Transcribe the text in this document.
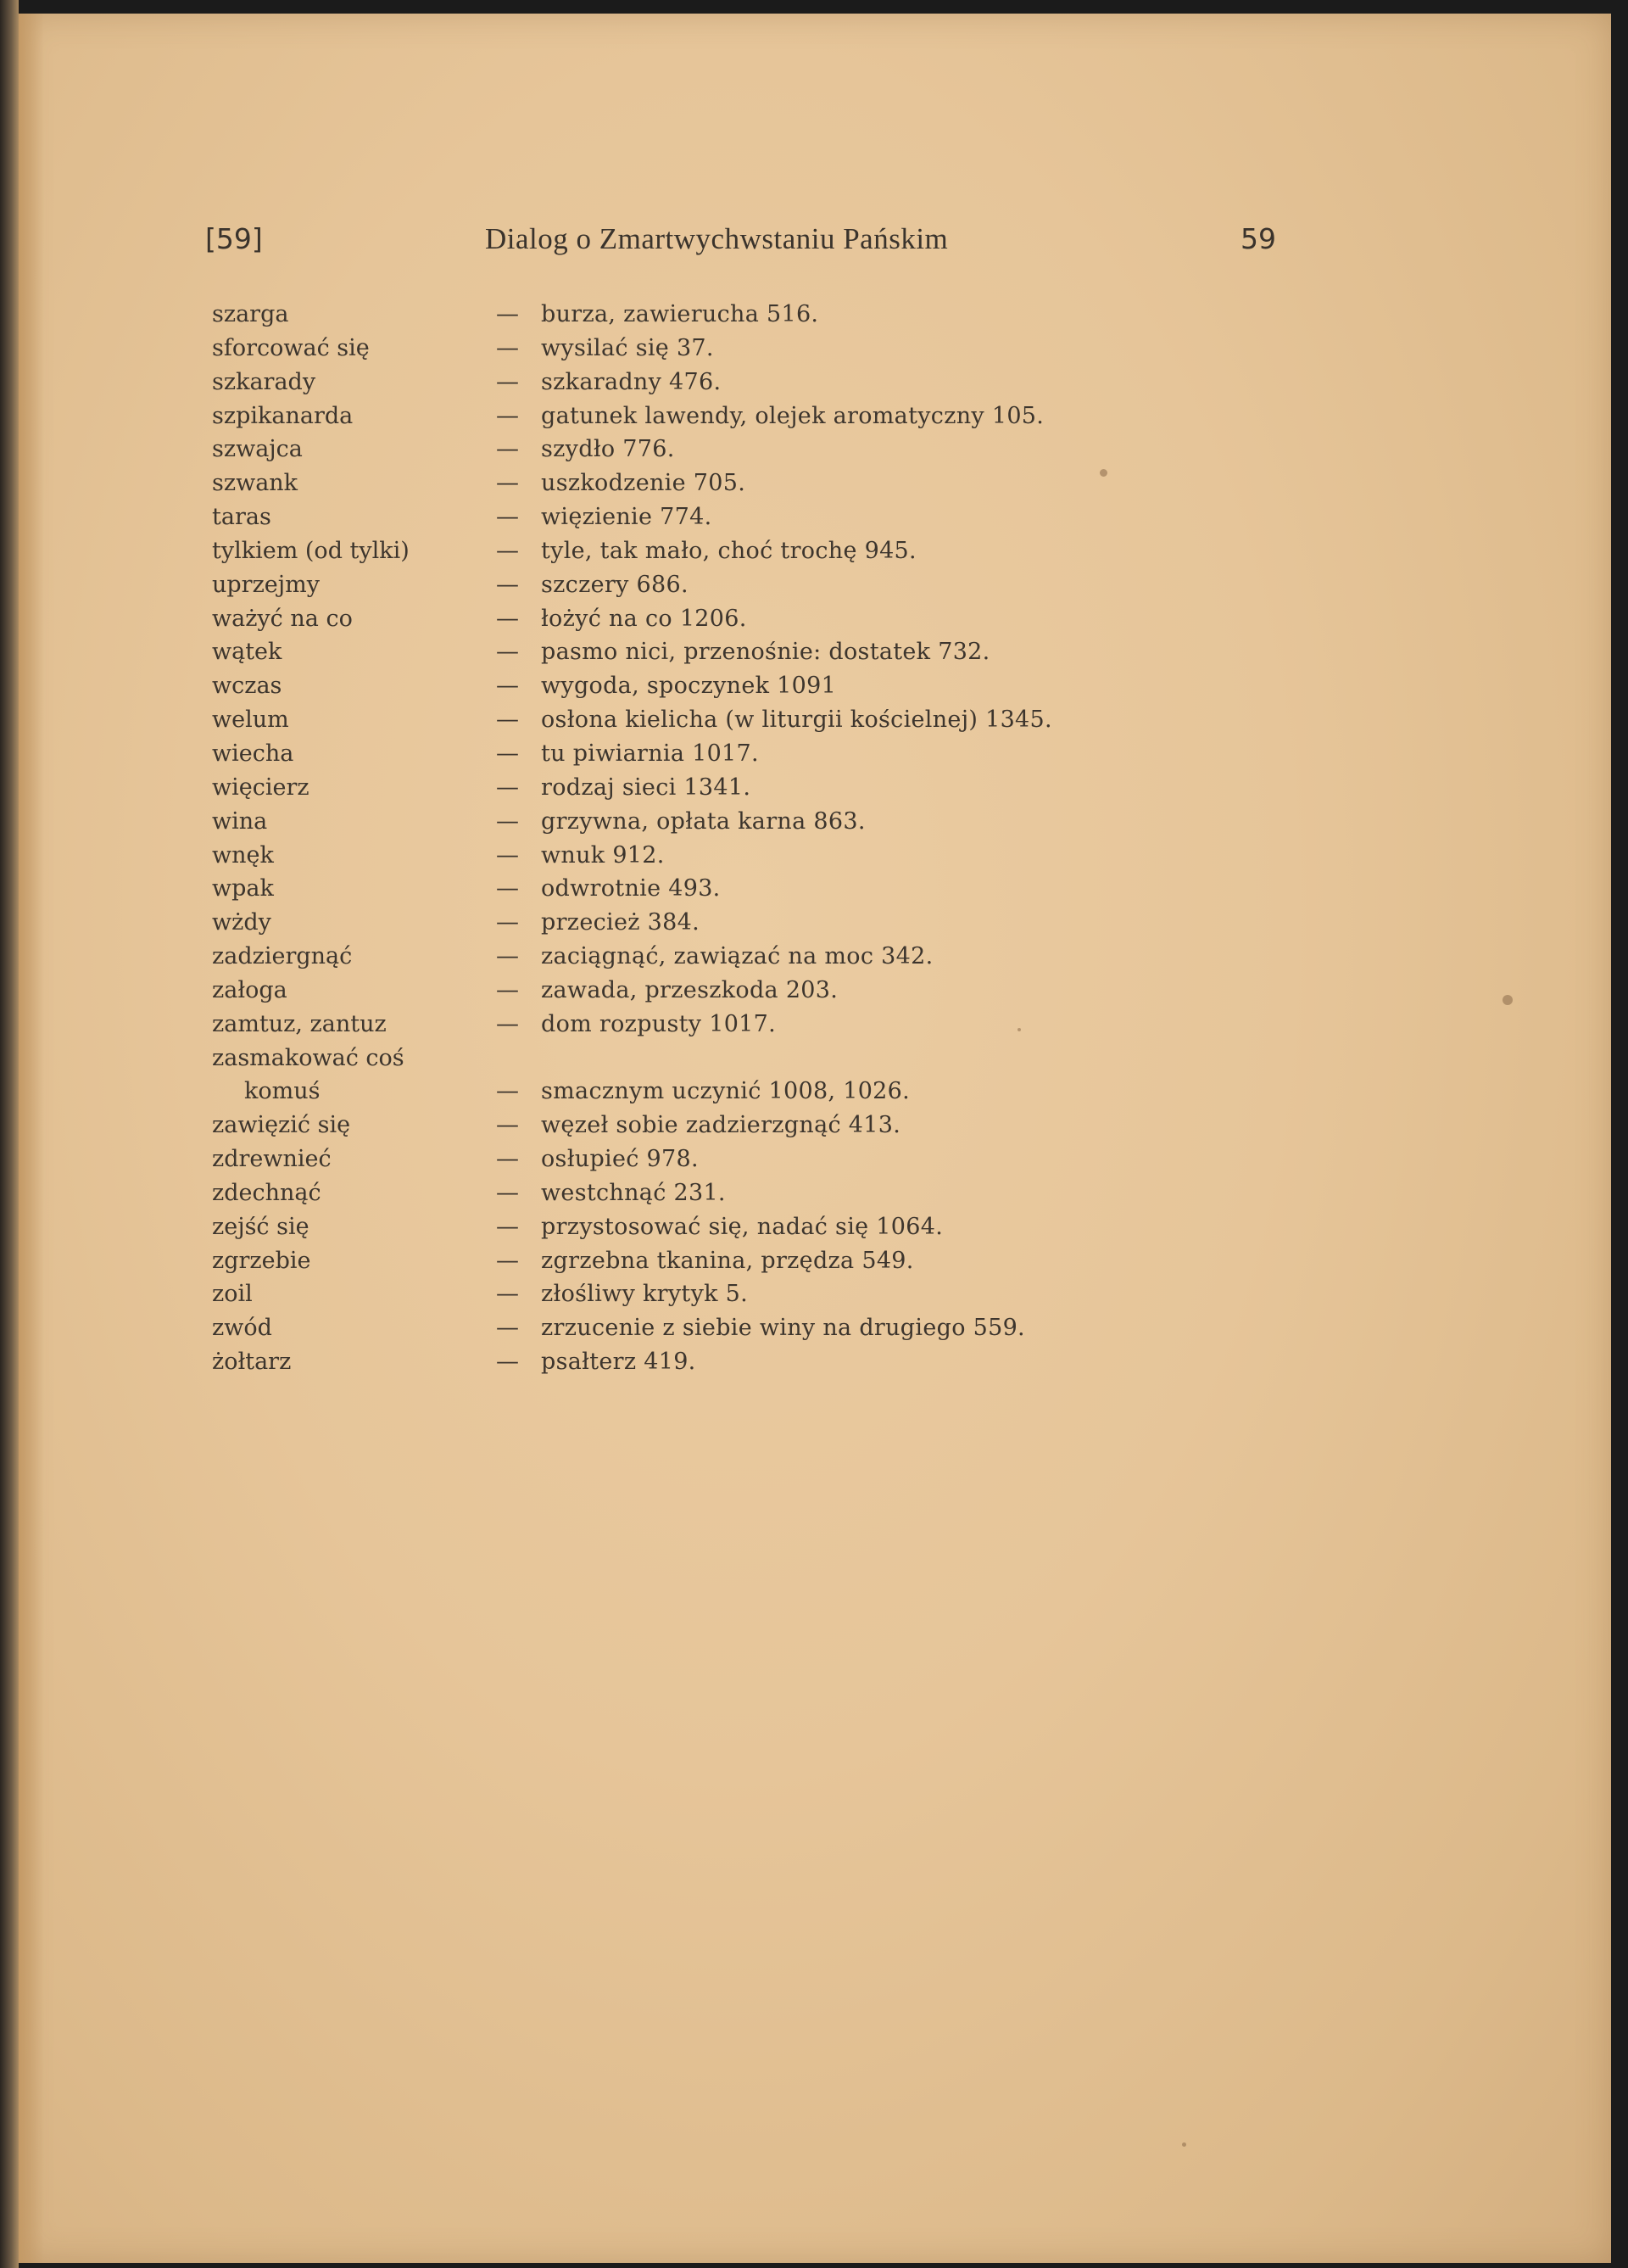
[59]	Dialog o Zmartwychwstaniu Pańskim	59
szarga	— burza, zawierucha 516.
sforcować się	— wysilać się 37.
szkarady	— szkaradny 476.
szpikanarda	— gatunek lawendy, olejek aromatyczny 105.
szwajca	— szydło 776.
szwank	— uszkodzenie 705.
taras	— więzienie 774.
tylkiem (od tylki)	— tyle, tak mało, choć trochę 945.
uprzejmy	— szczery 686.
ważyć na co	— łożyć na co 1206.
wątek	— pasmo nici, przenośnie: dostatek 732.
wczas	— wygoda, spoczynek 1091
welum	— osłona kielicha (w liturgii kościelnej) 1345.
wiecha	— tu piwiarnia 1017.
więcierz	— rodzaj sieci 1341.
wina	— grzywna, opłata karna 863.
wnęk	— wnuk 912.
wpak	— odwrotnie 493.
wżdy	— przecież 384.
zadziergnąć	— zaciągnąć, zawiązać na moc 342.
załoga	— zawada, przeszkoda 203.
zamtuz, zantuz	— dom rozpusty 1017.
zasmakować coś
komuś	— smacznym uczynić 1008, 1026.
zawięzić się	— węzeł sobie zadzierzgnąć 413.
zdrewnieć	— osłupieć 978.
zdechnąć	— westchnąć 231.
zejść się	— przystosować się, nadać się 1064.
zgrzebie	— zgrzebna tkanina, przędza 549.
zoil	— złośliwy krytyk 5.
zwód	— zrzucenie z siebie winy na drugiego 559.
żołtarz	— psałterz 419.
